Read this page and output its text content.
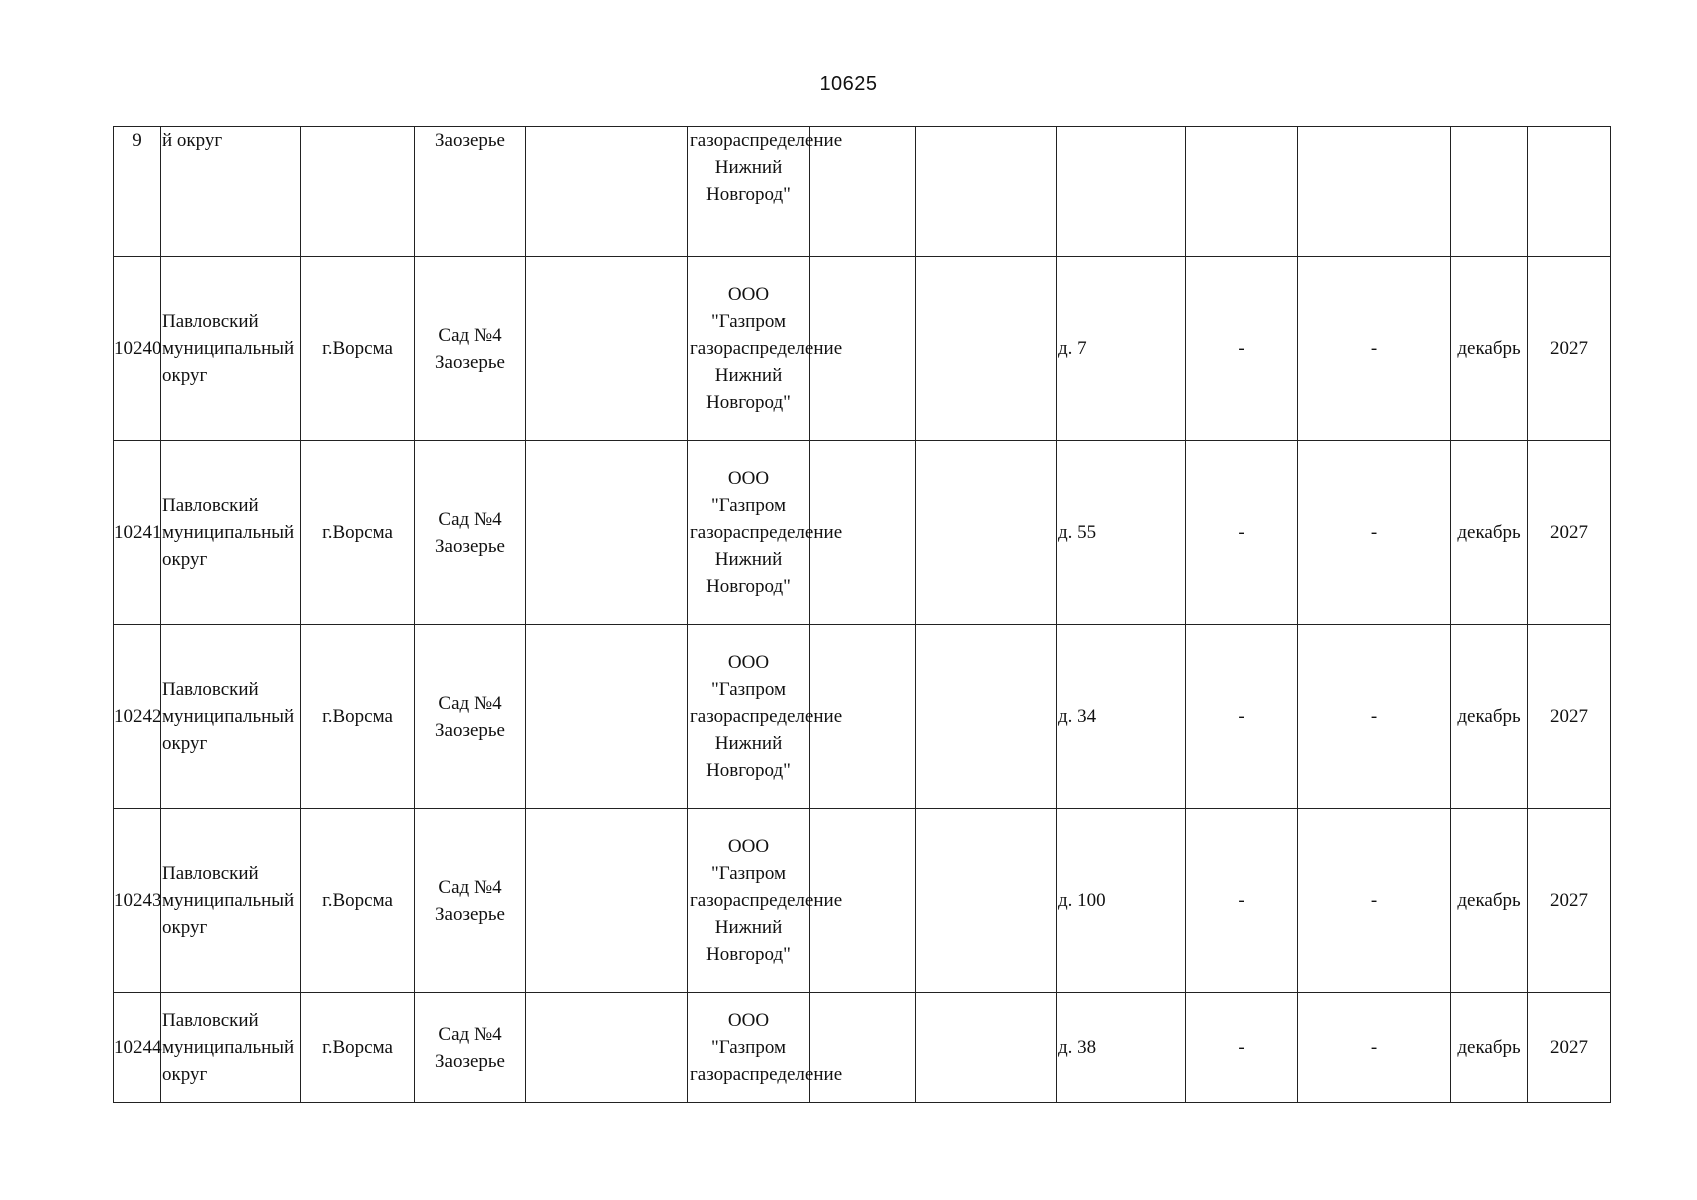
10625
9	й округ		Заозерье		газораспределение Нижний Новгород"							
10240	Павловский муниципальный округ	г.Ворсма	Сад №4 Заозерье		ООО "Газпром газораспределение Нижний Новгород"			д. 7	-	-	декабрь	2027
10241	Павловский муниципальный округ	г.Ворсма	Сад №4 Заозерье		ООО "Газпром газораспределение Нижний Новгород"			д. 55	-	-	декабрь	2027
10242	Павловский муниципальный округ	г.Ворсма	Сад №4 Заозерье		ООО "Газпром газораспределение Нижний Новгород"			д. 34	-	-	декабрь	2027
10243	Павловский муниципальный округ	г.Ворсма	Сад №4 Заозерье		ООО "Газпром газораспределение Нижний Новгород"			д. 100	-	-	декабрь	2027
10244	Павловский муниципальный округ	г.Ворсма	Сад №4 Заозерье		ООО "Газпром газораспределение			д. 38	-	-	декабрь	2027
